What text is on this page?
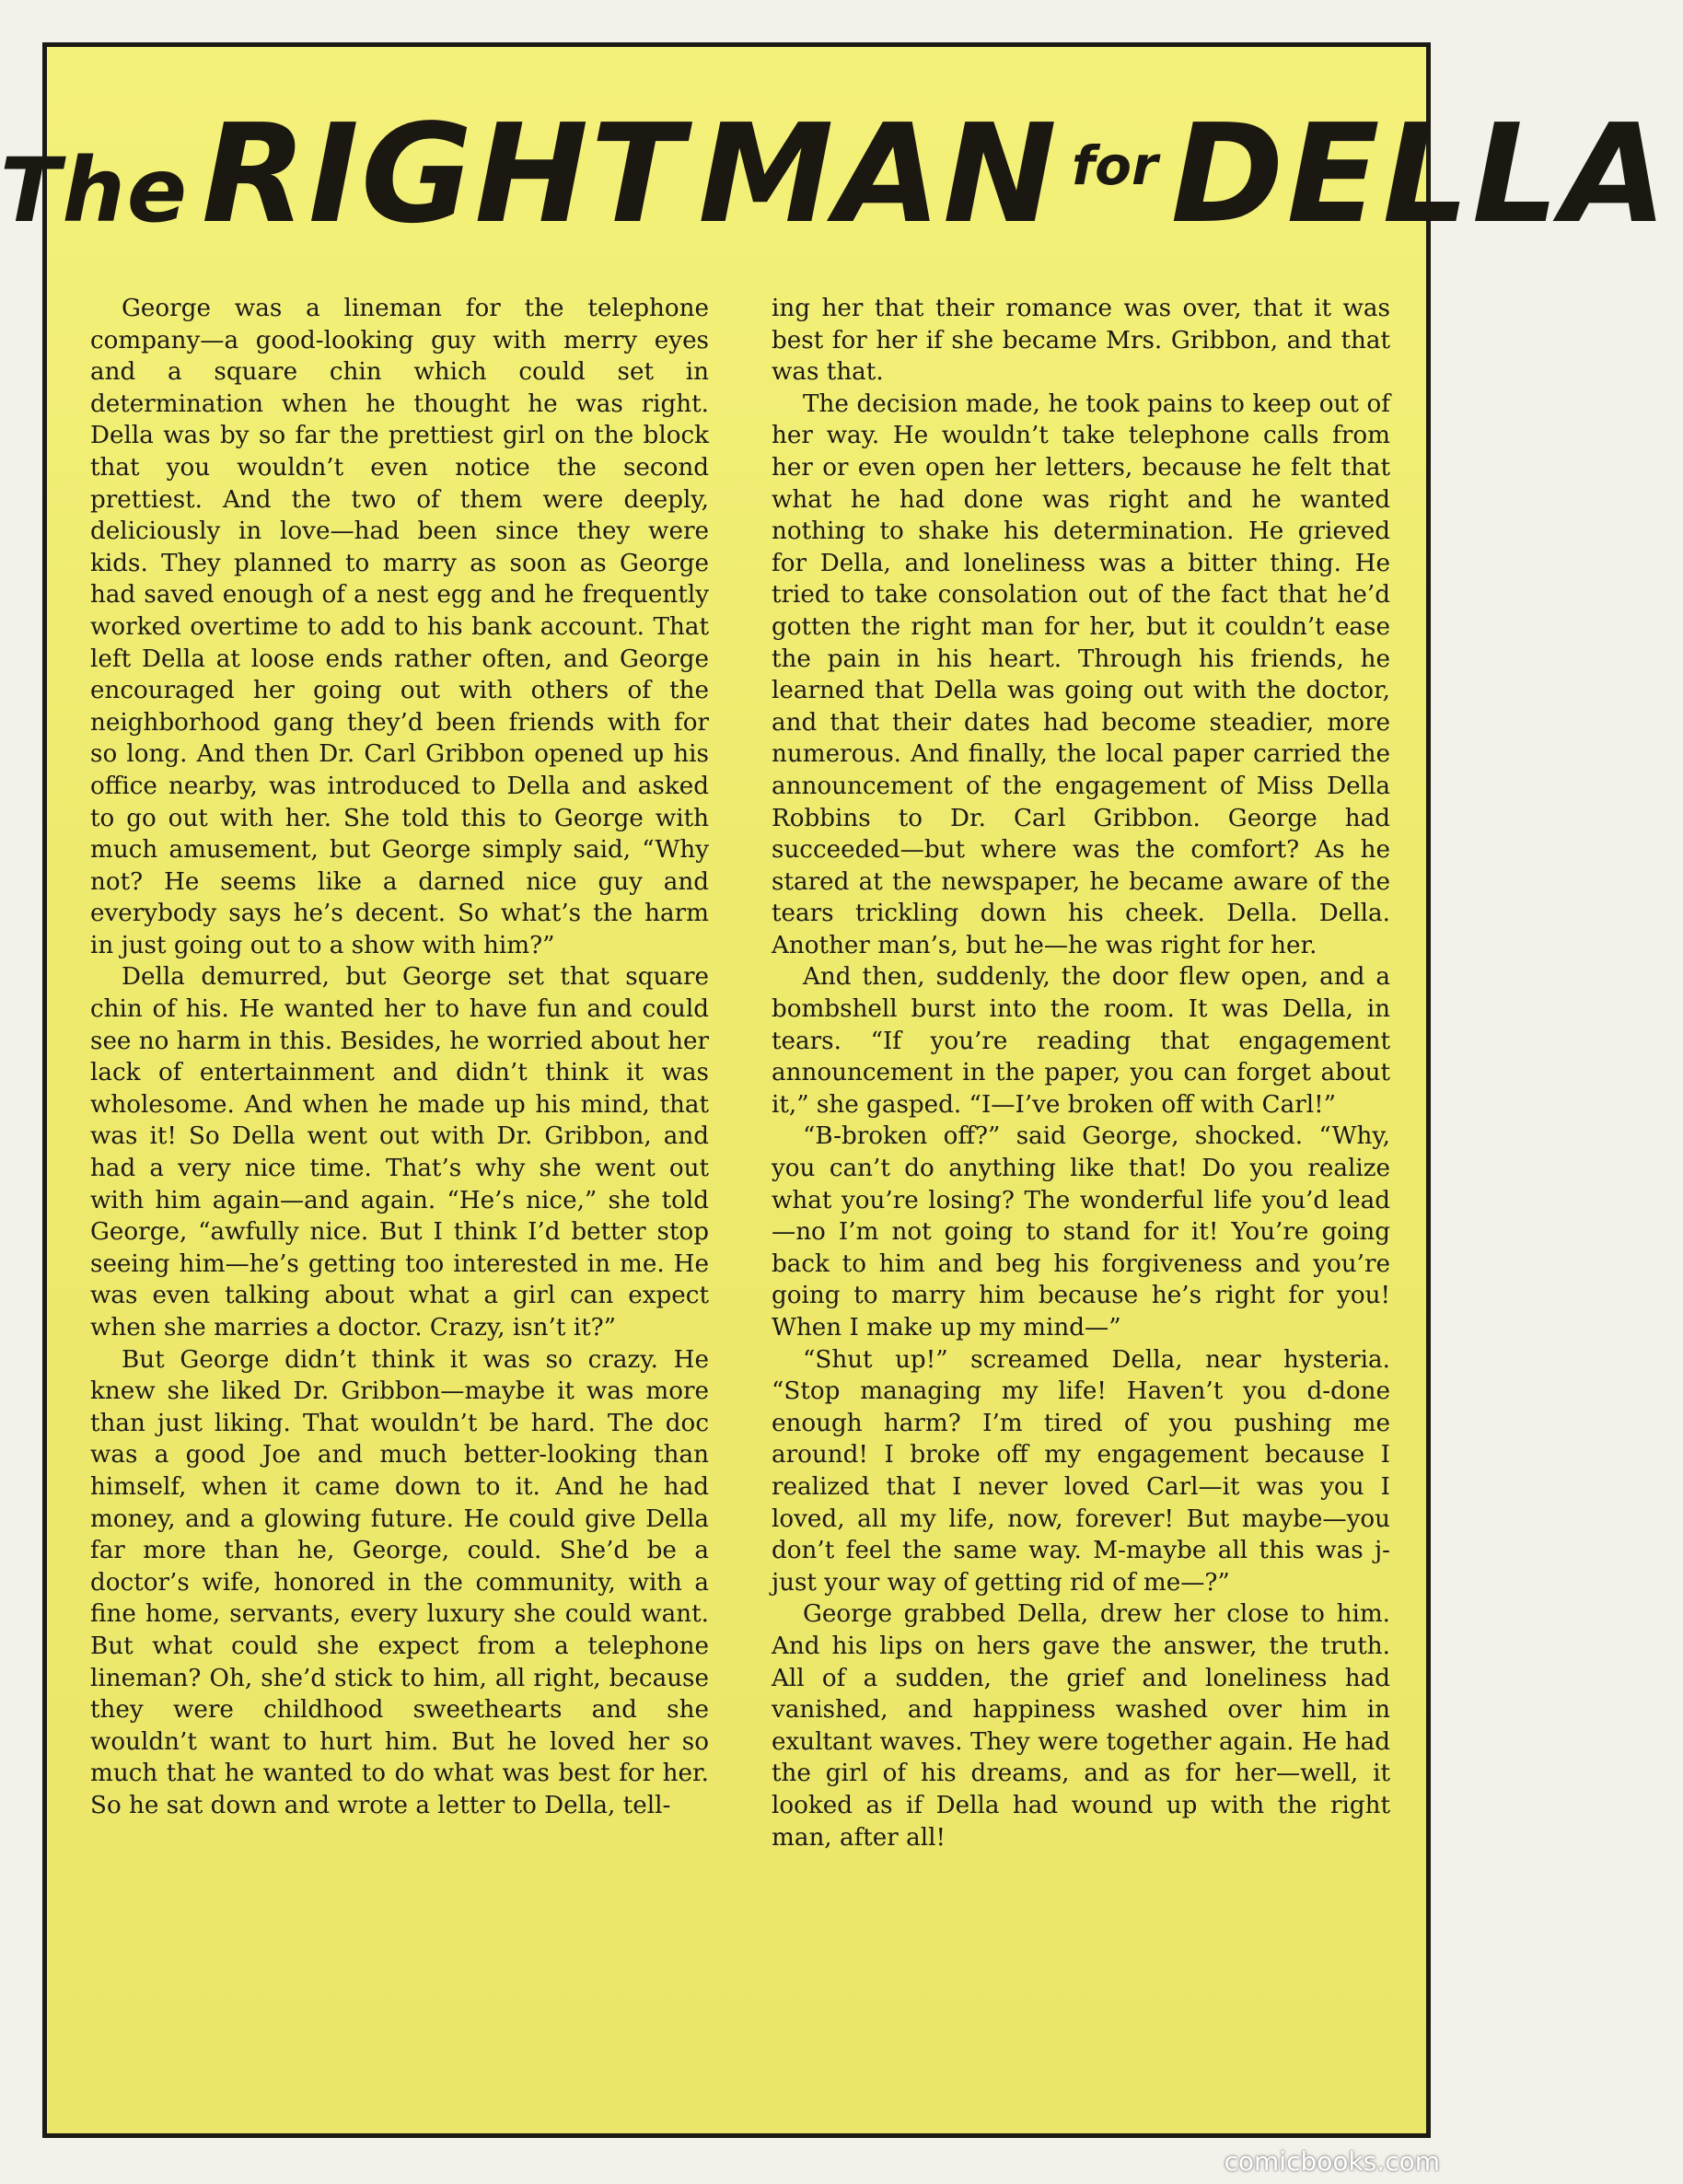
TheRIGHTMAN forDELLA

George was a lineman for the telephone company—a good-looking guy with merry eyes and a square chin which could set in determination when he thought he was right. Della was by so far the prettiest girl on the block that you wouldn’t even notice the second prettiest. And the two of them were deeply, deliciously in love—had been since they were kids. They planned to marry as soon as George had saved enough of a nest egg and he frequently worked overtime to add to his bank account. That left Della at loose ends rather often, and George encouraged her going out with others of the neighborhood gang they’d been friends with for so long. And then Dr. Carl Gribbon opened up his office nearby, was introduced to Della and asked to go out with her. She told this to George with much amusement, but George simply said, “Why not? He seems like a darned nice guy and everybody says he’s decent. So what’s the harm in just going out to a show with him?”

Della demurred, but George set that square chin of his. He wanted her to have fun and could see no harm in this. Besides, he worried about her lack of entertainment and didn’t think it was wholesome. And when he made up his mind, that was it! So Della went out with Dr. Gribbon, and had a very nice time. That’s why she went out with him again—and again. “He’s nice,” she told George, “awfully nice. But I think I’d better stop seeing him—he’s getting too interested in me. He was even talking about what a girl can expect when she marries a doctor. Crazy, isn’t it?”

But George didn’t think it was so crazy. He knew she liked Dr. Gribbon—maybe it was more than just liking. That wouldn’t be hard. The doc was a good Joe and much better-looking than himself, when it came down to it. And he had money, and a glowing future. He could give Della far more than he, George, could. She’d be a doctor’s wife, honored in the community, with a fine home, servants, every luxury she could want. But what could she expect from a telephone lineman? Oh, she’d stick to him, all right, because they were childhood sweethearts and she wouldn’t want to hurt him. But he loved her so much that he wanted to do what was best for her. So he sat down and wrote a letter to Della, tell-

ing her that their romance was over, that it was best for her if she became Mrs. Gribbon, and that was that.

The decision made, he took pains to keep out of her way. He wouldn’t take telephone calls from her or even open her letters, because he felt that what he had done was right and he wanted nothing to shake his determination. He grieved for Della, and loneliness was a bitter thing. He tried to take consolation out of the fact that he’d gotten the right man for her, but it couldn’t ease the pain in his heart. Through his friends, he learned that Della was going out with the doctor, and that their dates had become steadier, more numerous. And finally, the local paper carried the announcement of the engagement of Miss Della Robbins to Dr. Carl Gribbon. George had succeeded—but where was the comfort? As he stared at the newspaper, he became aware of the tears trickling down his cheek. Della. Della. Another man’s, but he—he was right for her.

And then, suddenly, the door flew open, and a bombshell burst into the room. It was Della, in tears. “If you’re reading that engagement announcement in the paper, you can forget about it,” she gasped. “I—I’ve broken off with Carl!”

“B-broken off?” said George, shocked. “Why, you can’t do anything like that! Do you realize what you’re losing? The wonderful life you’d lead—no I’m not going to stand for it! You’re going back to him and beg his forgiveness and you’re going to marry him because he’s right for you! When I make up my mind—”

“Shut up!” screamed Della, near hysteria. “Stop managing my life! Haven’t you d-done enough harm? I’m tired of you pushing me around! I broke off my engagement because I realized that I never loved Carl—it was you I loved, all my life, now, forever! But maybe—you don’t feel the same way. M-maybe all this was j-just your way of getting rid of me—?”

George grabbed Della, drew her close to him. And his lips on hers gave the answer, the truth. All of a sudden, the grief and loneliness had vanished, and happiness washed over him in exultant waves. They were together again. He had the girl of his dreams, and as for her—well, it looked as if Della had wound up with the right man, after all!

comicbooks.com
